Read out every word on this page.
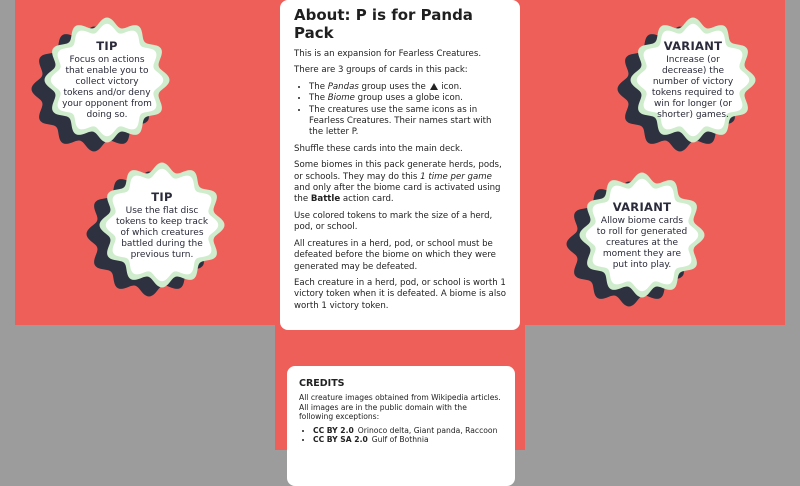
About: P is for Panda Pack

This is an expansion for Fearless Creatures.

There are 3 groups of cards in this pack:

• The Pandas group uses the  icon.
• The Biome group uses a globe icon.
• The creatures use the same icons as in Fearless Creatures. Their names start with the letter P.

Shuffle these cards into the main deck.

Some biomes in this pack generate herds, pods, or schools. They may do this 1 time per game and only after the biome card is activated using the Battle action card.

Use colored tokens to mark the size of a herd, pod, or school.

All creatures in a herd, pod, or school must be defeated before the biome on which they were generated may be defeated.

Each creature in a herd, pod, or school is worth 1 victory token when it is defeated. A biome is also worth 1 victory token.

CREDITS

All creature images obtained from Wikipedia articles. All images are in the public domain with the following exceptions:

• CC BY 2.0 Orinoco delta, Giant panda, Raccoon
• CC BY SA 2.0 Gulf of Bothnia
TIP
Focus on actions that enable you to collect victory tokens and/or deny your opponent from doing so.
TIP
Use the flat disc tokens to keep track of which creatures battled during the previous turn.
VARIANT
Increase (or decrease) the number of victory tokens required to win for longer (or shorter) games.
VARIANT
Allow biome cards to roll for generated creatures at the moment they are put into play.
